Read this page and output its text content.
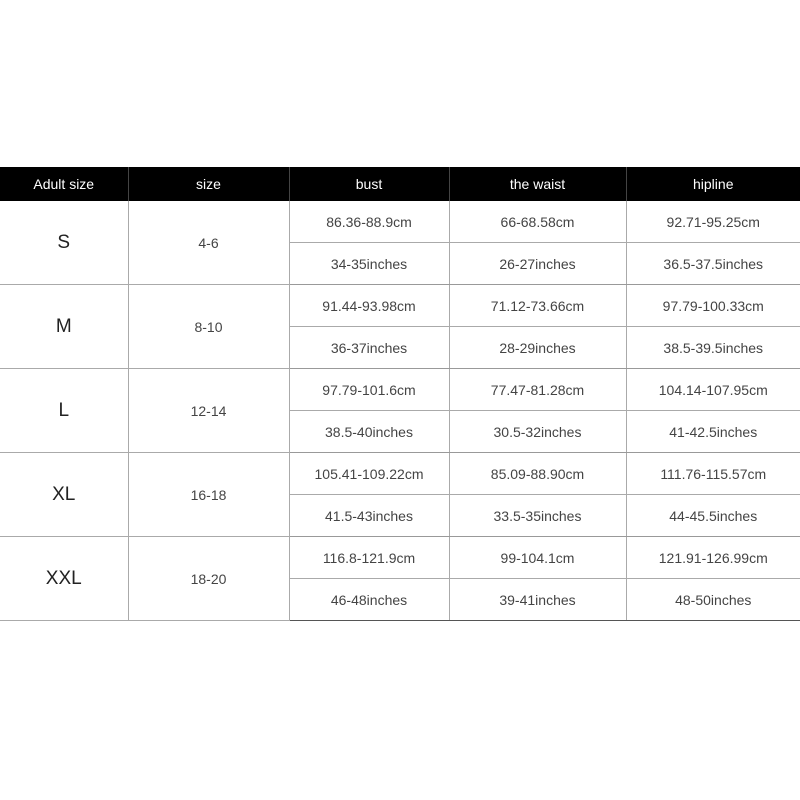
Adult size	size	bust	the waist	hipline
S	4-6	86.36-88.9cm	66-68.58cm	92.71-95.25cm
		34-35inches	26-27inches	36.5-37.5inches
M	8-10	91.44-93.98cm	71.12-73.66cm	97.79-100.33cm
		36-37inches	28-29inches	38.5-39.5inches
L	12-14	97.79-101.6cm	77.47-81.28cm	104.14-107.95cm
		38.5-40inches	30.5-32inches	41-42.5inches
XL	16-18	105.41-109.22cm	85.09-88.90cm	111.76-115.57cm
		41.5-43inches	33.5-35inches	44-45.5inches
XXL	18-20	116.8-121.9cm	99-104.1cm	121.91-126.99cm
		46-48inches	39-41inches	48-50inches
